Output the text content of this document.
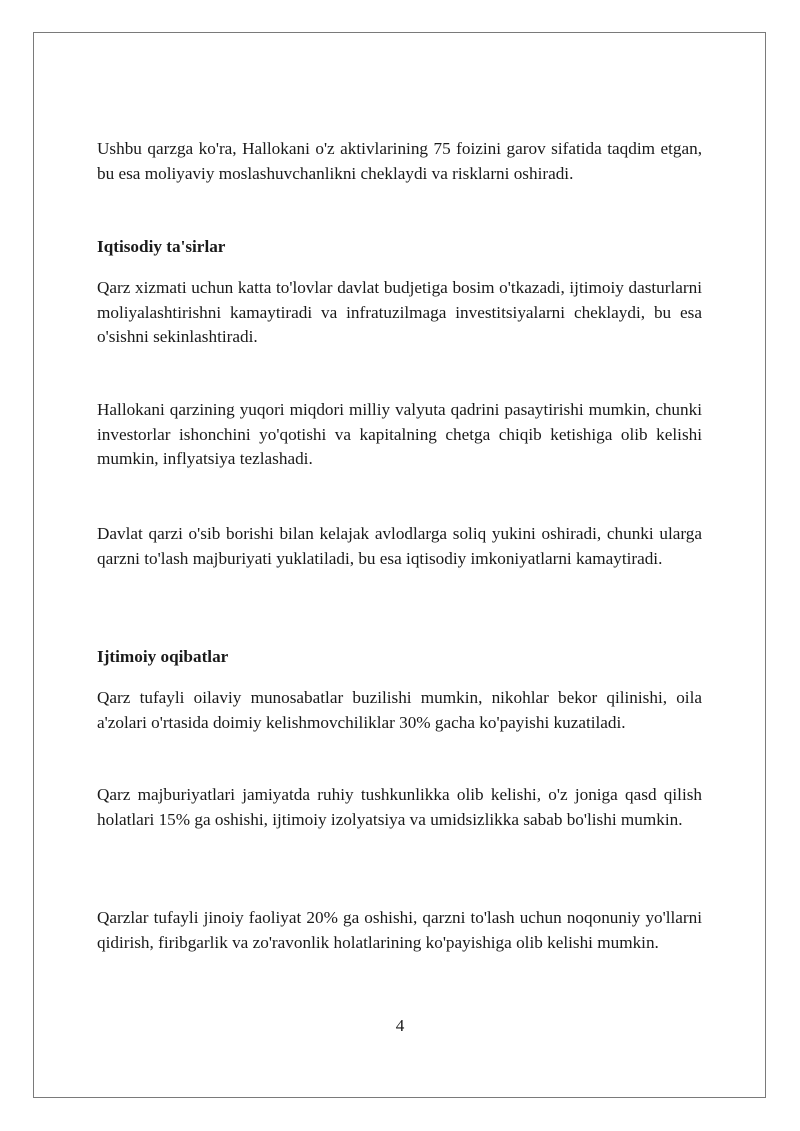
Ushbu qarzga ko'ra, Hallokani o'z aktivlarining 75 foizini garov sifatida taqdim etgan, bu esa moliyaviy moslashuvchanlikni cheklaydi va risklarni oshiradi.

Iqtisodiy ta'sirlar

Qarz xizmati uchun katta to'lovlar davlat budjetiga bosim o'tkazadi, ijtimoiy dasturlarni moliyalashtirishni kamaytiradi va infratuzilmaga investitsiyalarni cheklaydi, bu esa o'sishni sekinlashtiradi.

Hallokani qarzining yuqori miqdori milliy valyuta qadrini pasaytirishi mumkin, chunki investorlar ishonchini yo'qotishi va kapitalning chetga chiqib ketishiga olib kelishi mumkin, inflyatsiya tezlashadi.

Davlat qarzi o'sib borishi bilan kelajak avlodlarga soliq yukini oshiradi, chunki ularga qarzni to'lash majburiyati yuklatiladi, bu esa iqtisodiy imkoniyatlarni kamaytiradi.

Ijtimoiy oqibatlar

Qarz tufayli oilaviy munosabatlar buzilishi mumkin, nikohlar bekor qilinishi, oila a'zolari o'rtasida doimiy kelishmovchiliklar 30% gacha ko'payishi kuzatiladi.

Qarz majburiyatlari jamiyatda ruhiy tushkunlikka olib kelishi, o'z joniga qasd qilish holatlari 15% ga oshishi, ijtimoiy izolyatsiya va umidsizlikka sabab bo'lishi mumkin.

Qarzlar tufayli jinoiy faoliyat 20% ga oshishi, qarzni to'lash uchun noqonuniy yo'llarni qidirish, firibgarlik va zo'ravonlik holatlarining ko'payishiga olib kelishi mumkin.

4
